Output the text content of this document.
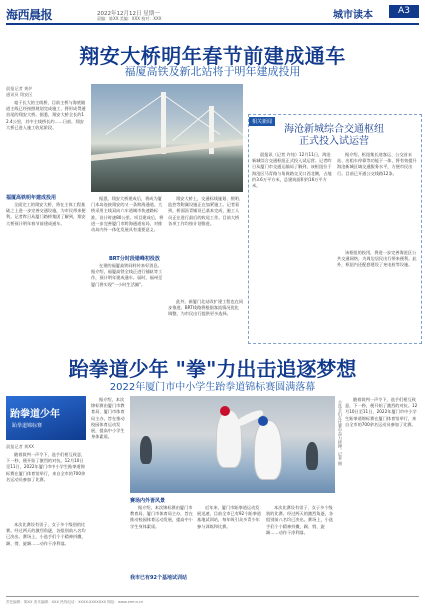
海西晨报	2022年12月12日 星期一	城市读本	A3
责编：陈XX 美编：XXX 校对：XXX
翔安大桥明年春节前建成通车
福厦高铁及新北站将于明年建成投用
晨报记者 黄炉
通讯员 翔安区
毫于长大的主线桥，目前主桥与海底隧道主线已经按照规划完成施工，将形成贯通首尾的翔安大桥。据悉，翔安大桥全长约12.4公里，其中主线桥长约……日前，翔安大桥已进入施工收尾阶段。
福厦高铁明年建成投用
全面完工的翔安大桥，将在主体工程基础之上进一步完善交通设施，为市民带来便利。记者昨日从厦门路桥集团了解到，翔安大桥预计明年春节前建成通车。
据悉，翔安大桥建成后，将成为厦门本岛连接翔安的又一条跨海通道。大桥采用主线双向六车道城市快速路标准，设计时速80公里。项目建成后，将进一步完善厦门市跨海通道布局，对推动岛内外一体化发展具有重要意义。
翔安大桥上，交通标线施划、照明、监控等附属设施正在加紧施工。记者看到，桥面沥青铺设已基本完成，施工人员正在进行最后的收尾工作。目前大桥各项工作均按计划推进。
BRT分时段错峰初投放
在建的福厦高铁同样传来好消息。据介绍，福厦高铁全线正进行铺轨等工作，预计明年建成通车。届时，福州至厦门将实现"一小时生活圈"。
此外，新厦门北站改扩建工程也在同步推进。BRT线路将根据客流情况优化调整，为市民出行提供更多选择。
相关新闻
海沧新城综合交通枢纽
正式投入试运营
晨报讯（记者 许纯）12月11日，海沧新城综合交通枢纽正式投入试运营。记者昨日从厦门市交通运输局了解到，该枢纽位于海沧区马青路与角嵩路交叉口西北侧，占地约3.6万平方米，总建筑面积约16万平方米。
据介绍，枢纽集长途客运、公交首末站、出租车停靠等功能于一体，将有效提升海沧新城区域交通服务水平，方便市民出行。目前已开通公交线路12条。
该枢纽的投用，将进一步完善海沧区公共交通网络，为周边居民出行带来便利。此外，枢纽内还配套建设了充电桩等设施。
跆拳道少年 "拳"力出击追逐梦想
2022年厦门市中小学生跆拳道锦标赛圆满落幕
跆拳道少年
跆拳道锦标赛
晨报记者 黄XX
随着裁判一声令下，选手们相互致意，下一秒，便开始了激烈的对抗。12月10日至11日，2022年厦门市中小学生跆拳道锦标赛在厦门体育馆举行，来自全市的700余名运动员参加了比赛。
本次比赛设有男子、女子多个级别的比赛。经过两天的激烈角逐，各组别前八名均已决出。赛场上，小选手们个个精神抖擞，踢、劈、旋踢……动作干净利落。
据介绍，本次锦标赛由厦门市教育局、厦门市体育局主办，旨在推动校园体育运动发展，提高中小学生身体素质。	小选手们在比赛中奋力拼搏。记者 摄
赛场内外皆风景
据介绍，本次锦标赛由厦门市教育局、厦门市体育局主办，旨在推动校园体育运动发展，提高中小学生身体素质。
我市已有92个基地试训站
近年来，厦门市跆拳道运动发展迅速，目前全市已有92个跆拳道基地试训站，每年吸引众多青少年参与训练和比赛。
本次比赛设有男子、女子多个级别的比赛。经过两天的激烈角逐，各组别前八名均已决出。赛场上，小选手们个个精神抖擞，踢、劈、旋踢……动作干净利落。
随着裁判一声令下，选手们相互致意，下一秒，便开始了激烈的对抗。12月10日至11日，2022年厦门市中小学生跆拳道锦标赛在厦门体育馆举行，来自全市的700余名运动员参加了比赛。
责任编辑：陈XX 美术编辑：XXX 热线电话：XXXX-XXXXXXX 网址：www.xmnn.cn
